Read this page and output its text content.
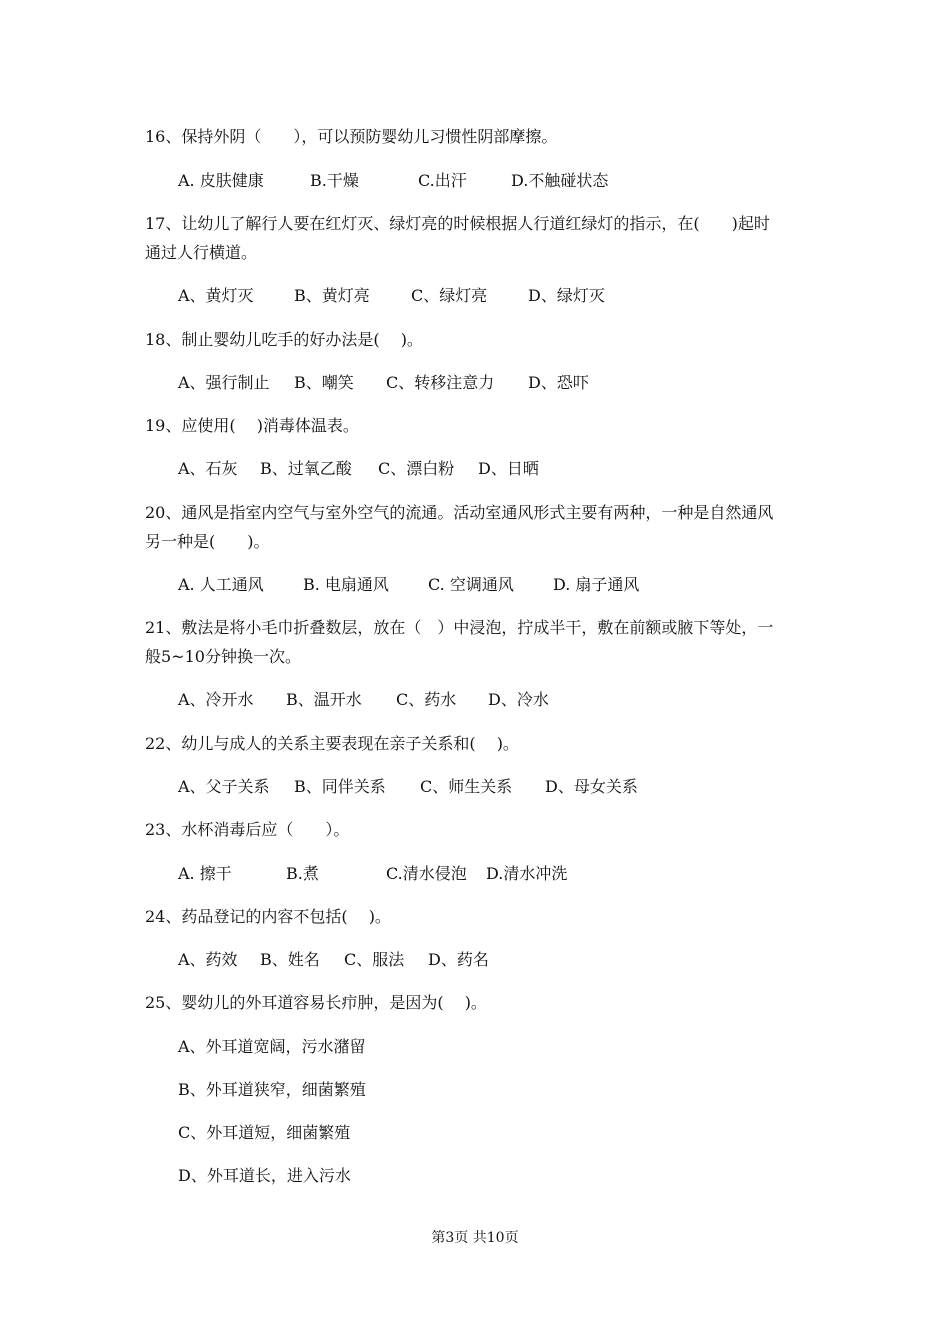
16、保持外阴（　　），可以预防婴幼儿习惯性阴部摩擦。
A. 皮肤健康	B.干燥	C.出汗	D.不触碰状态
17、让幼儿了解行人要在红灯灭、绿灯亮的时候根据人行道红绿灯的指示，在(　　)起时
通过人行横道。
A、黄灯灭	B、黄灯亮	C、绿灯亮	D、绿灯灭
18、制止婴幼儿吃手的好办法是(　 )。
A、强行制止 B、嘲笑 C、转移注意力 D、恐吓
19、应使用(　 )消毒体温表。
A、石灰 B、过氧乙酸 C、漂白粉 D、日晒
20、通风是指室内空气与室外空气的流通。活动室通风形式主要有两种，一种是自然通风
另一种是(　　)。
A. 人工通风 B. 电扇通风 C. 空调通风 D. 扇子通风
21、敷法是将小毛巾折叠数层，放在（　）中浸泡，拧成半干，敷在前额或腋下等处，一
般5~10分钟换一次。
A、冷开水 B、温开水 C、药水 D、冷水
22、幼儿与成人的关系主要表现在亲子关系和(　 )。
A、父子关系 B、同伴关系 C、师生关系 D、母女关系
23、水杯消毒后应（　　）。
A. 擦干	B.煮	C.清水侵泡 D.清水冲洗
24、药品登记的内容不包括(　 )。
A、药效 B、姓名 C、服法 D、药名
25、婴幼儿的外耳道容易长疖肿，是因为(　 )。
A、外耳道宽阔，污水潴留
B、外耳道狭窄，细菌繁殖
C、外耳道短，细菌繁殖
D、外耳道长，进入污水
第3页 共10页
